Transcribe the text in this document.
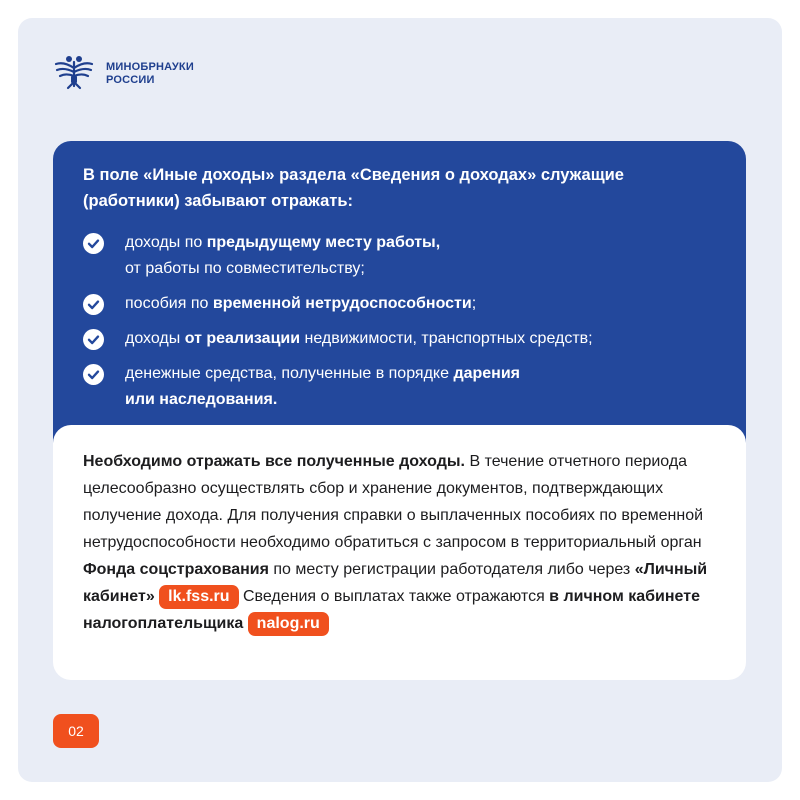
МИНОБРНАУКИ
РОССИИ
В поле «Иные доходы» раздела «Сведения о доходах» служащие (работники) забывают отражать:
доходы по предыдущему месту работы,
от работы по совместительству;
пособия по временной нетрудоспособности;
доходы от реализации недвижимости, транспортных средств;
денежные средства, полученные в порядке дарения
или наследования.
Необходимо отражать все полученные доходы. В течение отчетного периода целесообразно осуществлять сбор и хранение документов, подтверждающих получение дохода. Для получения справки о выплаченных пособиях по временной нетрудоспособности необходимо обратиться с запросом в территориальный орган Фонда соцстрахования по месту регистрации работодателя либо через «Личный кабинет» lk.fss.ru Сведения о выплатах также отражаются в личном кабинете налогоплательщика nalog.ru
02
